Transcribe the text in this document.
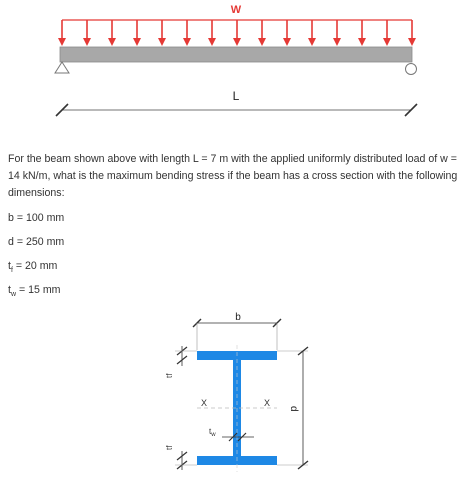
W
L
For the beam shown above with length L = 7 m with the applied uniformly distributed load of w = 14 kN/m, what is the maximum bending stress if the beam has a cross section with the following dimensions:
b = 100 mm
d = 250 mm
$t_f = 20$ mm
$t_w = 15$ mm
b
X	X
tf
tf
$t_w$
d
